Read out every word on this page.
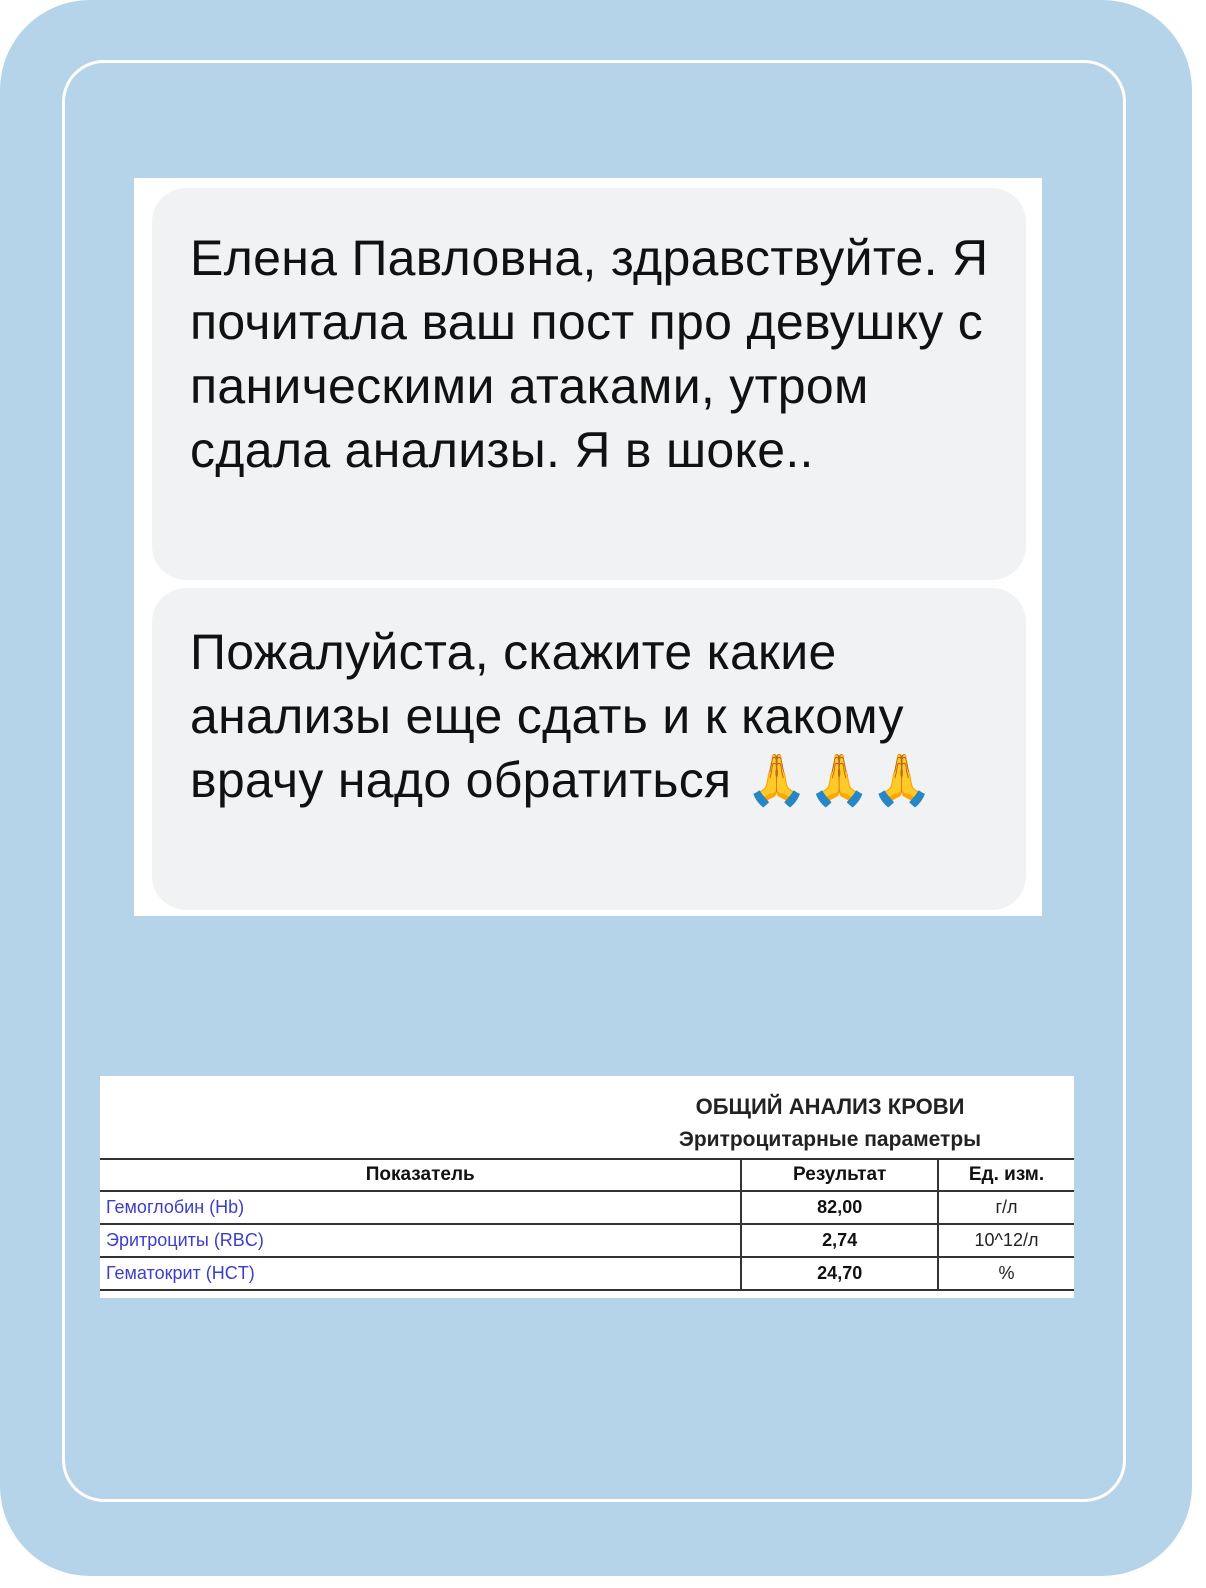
Елена Павловна, здравствуйте. Я почитала ваш пост про девушку с паническими атаками, утром сдала анализы. Я в шоке..
Пожалуйста, скажите какие анализы еще сдать и к какому врачу надо обратиться 🙏🙏🙏
ОБЩИЙ АНАЛИЗ КРОВИ
Эритроцитарные параметры
Показатель	Результат	Ед. изм.
Гемоглобин (Hb)	82,00	г/л
Эритроциты (RBC)	2,74	10^12/л
Гематокрит (HCT)	24,70	%
